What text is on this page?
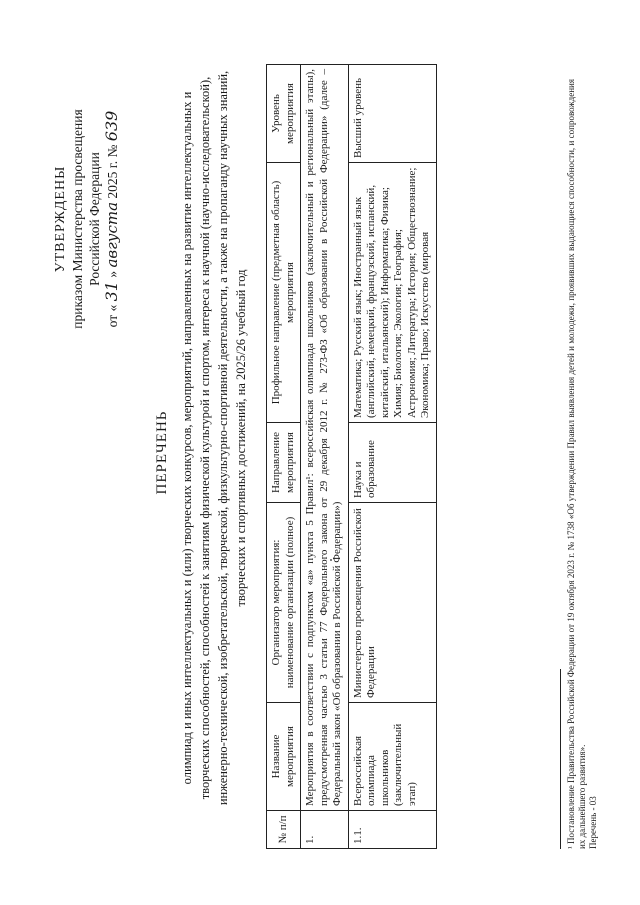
УТВЕРЖДЕНЫ приказом Министерства просвещения Российской Федерации
от « 31 » августа 2025 г. № 639
ПЕРЕЧЕНЬ олимпиад и иных интеллектуальных и (или) творческих конкурсов, мероприятий, направленных на развитие интеллектуальных и творческих способностей, способностей к занятиям физической культурой и спортом, интереса к научной (научно-исследовательской), инженерно-технической, изобретательской, творческой, физкультурно-спортивной деятельности, а также на пропаганду научных знаний, творческих и спортивных достижений, на 2025/26 учебный год
№ п/п	Название мероприятия	Организатор мероприятия: наименование организации (полное)	Направление мероприятия	Профильное направление (предметная область) мероприятия	Уровень мероприятия
1.	Мероприятия в соответствии с подпунктом «а» пункта 5 Правил¹: всероссийская олимпиада школьников (заключительный и региональный этапы), предусмотренная частью 3 статьи 77 Федерального закона от 29 декабря 2012 г. № 273-ФЗ «Об образовании в Российской Федерации» (далее – Федеральный закон «Об образовании в Российской Федерации»)				
1.1.	Всероссийская олимпиада школьников (заключительный этап)	Министерство просвещения Российской Федерации	Наука и образование	Математика; Русский язык; Иностранный язык (английский, немецкий, французский, испанский, китайский, итальянский); Информатика; Физика; Химия; Биология; Экология; География; Астрономия; Литература; История; Обществознание; Экономика; Право; Искусство (мировая	Высший уровень	¹ Постановление Правительства Российской Федерации от 19 октября 2023 г. № 1738 «Об утверждении Правил выявления детей и молодежи, проявивших выдающиеся способности, и сопровождения их дальнейшего развития». Перечень - 03
